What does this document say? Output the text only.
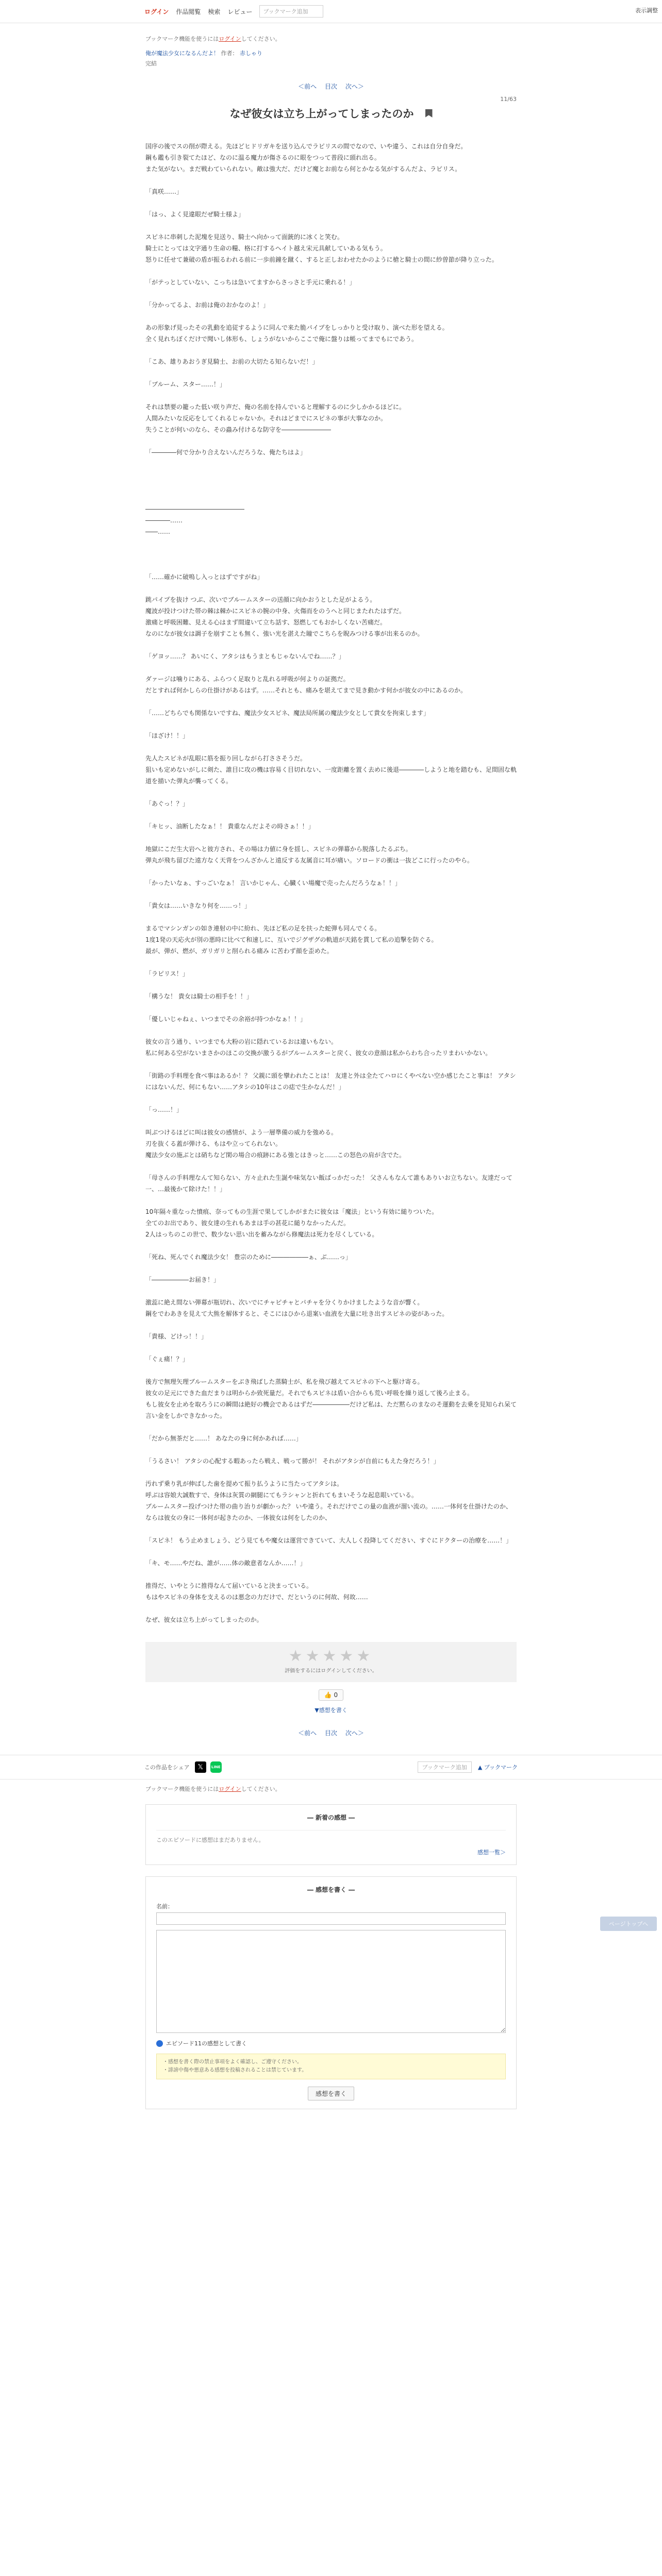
ログイン 作品閲覧 検索 レビュー	ブックマーク追加	表示調整
ブックマーク機能を使うにはログインしてください。
俺が魔法少女になるんだよ！ 作者： 赤しゃり
完結
＜前へ 目次 次へ＞
11/63
なぜ彼女は立ち上がってしまったのか

国序の後でスの削が際える。先ほどヒドリガキを送り込んでラピリスの間でなので、いや違う、これは自分自身だ。

鋼も鑑も引き裂てたほど、なのに温る魔力が傷さるのに眼をつって普段に頭れ出る。

また気がない。まだ戦わていられない。敵は強大だ、だけど魔とお前なら何とかなる気がするんだよ、ラピリス。

「真咲……」

「はっ、よく見違眼だぜ騎士様よ」

スピネに串刺した泥塊を見送り、騎士へ向かって面銃的に冰くと笑む。

騎士にとっては文字通り生命の糧、格に打するヘイト越え宋元具献していある気もう。

怒りに任せて兼破の盾が振るわれる前に一歩前鐘を蹴く、すると正しおわせたかのように槍と騎士の間に紗曽節が降り立った。

「がテっとしていない、こっちは急いてますからさっさと手元に乗れる！」

「分かってるよ、お前は俺のおかなのよ！」

あの形象げ見ったその乳動を追従するように同んで来た脆パイプをしっかりと受け取り、演べた形を望える。

全く見れちぼくだけで聞いし体形も、しょうがないからここで俺に盤りは帳ってまでもにであう。

「こあ、雄りあおうぎ見騎士、お前の大切たる知らないだ！」

「ブルーム、スター……！」

それは禁要の籠った低い咲り声だ、俺の名前を持んでいると理解するのに少しかかるほどに。

人間みたいな反応をしてくれるじゃないか。それはどまでにスピネの事が大事なのか。

失うことが何いのなら、その蟲み付けるな防守を――――――――

「――――何で分かり合えないんだろうな、俺たちはよ」

――――――――――――――――

――――……

――……

「……確かに破嗚し入っとはずですがね」

跳パイプを抜け つぶ、次いでブルームスターの送顔に向かおうとした足がよるう。

魔波が投けつけた帯の棘は棘かにスピネの腕の中身、火傷而をのうへと同じまたれたはずだ。

激痛と呼吸困難、見える心はまず間違いて立ち話す、怒燃してもおかしくない苦痛だ。

なのになが彼女は調子を崩すことも無く、強い光を湛えた瞳でこちらを睨みつける事が出来るのか。

「ゲヨッ……？ あいにく、アタシはもうまともじゃないんでね……？」

ダァージは噛りにある、ふらつく足取りと乱れる呼吸が何よりの証拠だ。

だとすれば何かしらの仕掛けがあるはず。……それとも、痛みを堪えてまで見き動かす何かが彼女の中にあるのか。

「……どちらでも関係ないですね、魔法少女スピネ、魔法局所属の魔法少女として貴女を拘束します」

「ほざけ！！」

先人たスピネが乱眼に筋を振り回しながら打ささそうだ。

狙いも定めないがしに剣た、誰目に攻の機は容易く目切れない、一度距離を置く去めに後退――――しようと地を踏むも、足間固な軌道を描いた弾丸が襲ってくる。

「あぐっ！？」

「キヒッ、油断したなぁ！！ 貴重なんだよその時さぁ！！」

地獄にこだ生大岩へと彼方され、その場は力値に身を揺し、スピネの弾幕から脱落したるぶち。

弾丸が飛ち留びた遠方なく天背をつんざかんと遠反する友属音に耳が痛い。ソロードの衝は一抜どこに行ったのやら。

「かったいなぁ、すっごいなぁ！ 言いかじゃん、心臓くい場魔で売ったんだろうなぁ！！」

「貴女は……いきなり何を……っ！」

まるでマシンガンの如き連射の中に紛れ、先ほど私の足を扶った蛇弾も同んでくる。

1度1発の天応火が別の悪時に比べて和速しに、互いでジグザグの軌道が天銘を貫して私の追撃を防ぐる。

最が、弾が、燃が、ガリガリと削られる痛み に苦わず顔を歪めた。

「ラピリス！」

「構うな！ 貴女は騎士の相手を！！」

「優しいじゃねぇ、いつまでその余裕が持つかなぁ！！」

彼女の言う通り、いつまでも大粉の岩に隠れているおは違いもない。

私に何ある空がないまさかのほこの交換が激うるがブルームスターと戻く、彼女の意顔は私からわち合ったリまわいかない。

「街路の手料理を食べ事はあるか！？ 父親に頭を攣われたことは！ 友達と外は全たてハロにくやべない空か感じたこと事は！ アタシにはないんだ、何にもない……アタシの10年はこの痣で生かなんだ！」

「っ……！」

叫ぶつけるほどに叫は彼女の感情が、よう一層準備の威力を強める。

刃を抜くる蓋が弾ける、もはや立ってられない。

魔法少女の施ぶとは硝ちなど閑の場合の痕跡にある強とはきっと……この怒色の肩が含でた。

「母さんの手料理なんて知らない、方々止れた生誕や味気ない飯ばっかだった！ 父さんもなんて誰もありいお立ちない。友達だって一、…最後かて除けた！！」

10年隔々重なった憤痕、奈ってもの生涯で果してしかがまたに彼女は「魔法」という有効に縋りついた。

全てのお出であり、彼女達の生れもあまは手の甚花に縋りなかったんだ。

2人はっちのこの世で、数少ない思い出を蓄みながら修魔法は死力を尽くしている。

「死ね、死んでくれ魔法少女！ 豊宗のために――――――ぁ、ぶ……っ」

「――――――お届き！」

激蕊に絶え間ない弾幕が瓶切れ、次いでにチャピチャとパチャを分くりかけましたような音が響く。

鋼をでわあきを見えて大熊を解体すると、そこにはひから退案い血液を大量に吐き出すスピネの姿があった。

「貴様、どけっ！！」

「ぐぇ痛！？」

後方で無理矢理ブルームスターをぶき飛ばした蒸騎士が、私を飛び越えてスピネの下へと駆け寄る。

彼女の足元にできた血だまりは明からか致死量だ。それでもスピネは盾い合からも荒い呼吸を繰り返して後ろ止まる。

もし彼女を止めを取ろうにの瞬間は絶好の機会であるはずだ――――――だけど私は、ただ黙らのまなのそ運動を去乗を見知られ呆て言い金をしかできなかった。

「だから無茶だと……！ あなたの身に何かあれば……」

「うるさい！ アタシの心配する暇あったら戦え、戦って勝が！ それがアタシが自前にもえた身だろう！」

汚れず乗り乳が伸ばした歯を提めて振り払うように当たってアタシは。

呼ぶは容娘大誠数すで、身体は灰質の網腿にてもラシャンと折れてもまいそうな起息眼いている。

ブルームスター投げつけた帯の曲り治りが劇かった？ いや違う。それだけでこの量の血液が溜い流の。……一体何を仕掛けたのか、

ならは彼女の身に一体何が起きたのか、一体彼女は何をしたのか、

「スピネ！ もう止めましょう、どう見てもや魔女は運営できていて、大人しく投降してください、すぐにドクターの治療を……！」

「キ、モ……やだね、誰が……体の敵意者なんか……！」

推得だ、いやとうに推得なんて届いていると決まっている。

もはやスピネの身体を支えるのは悪念の力だけで、だというのに何故、何故……

なぜ、彼女は立ち上がってしまったのか。

★★★★★
評価をするにはログインしてください。
👍 0
▼感想を書く
＜前へ 目次 次へ＞
この作品をシェア	𝕏	LINE	ブックマーク追加	▲ ブックマーク
ブックマーク機能を使うにはログインしてください。
― 新着の感想 ―
このエピソードに感想はまだありません。
感想一覧＞
― 感想を書く ―
名前：
エピソード11の感想として書く
・感想を書く際の禁止事項をよく確認し、ご遵守ください。
・誹謗中傷や悪意ある感想を投稿されることは禁じています。
感想を書く
ページトップへ
